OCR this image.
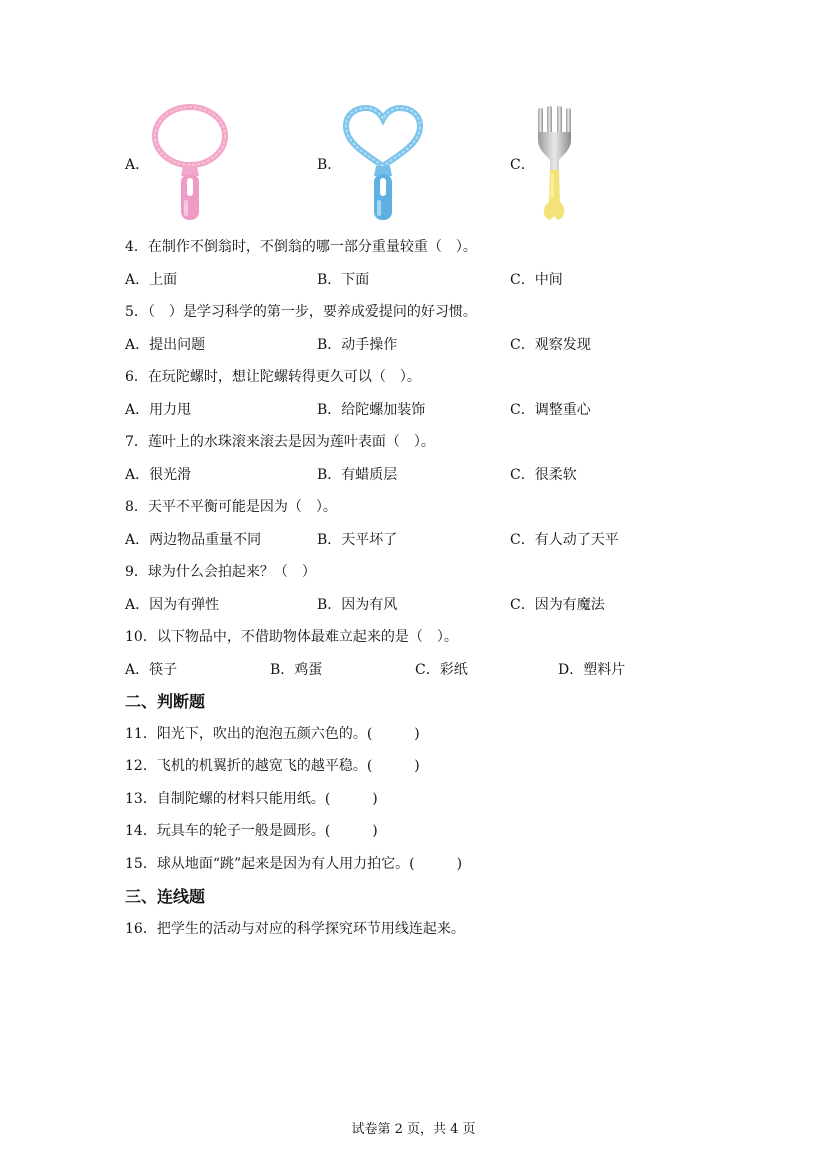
A．	B．	C．
4．在制作不倒翁时，不倒翁的哪一部分重量较重（　）。
A．上面	B．下面	C．中间
5．（　）是学习科学的第一步，要养成爱提问的好习惯。
A．提出问题	B．动手操作	C．观察发现
6．在玩陀螺时，想让陀螺转得更久可以（　）。
A．用力甩	B．给陀螺加装饰	C．调整重心
7．莲叶上的水珠滚来滚去是因为莲叶表面（　）。
A．很光滑	B．有蜡质层	C．很柔软
8．天平不平衡可能是因为（　）。
A．两边物品重量不同	B．天平坏了	C．有人动了天平
9．球为什么会拍起来？（　）
A．因为有弹性	B．因为有风	C．因为有魔法
10．以下物品中，不借助物体最难立起来的是（　）。
A．筷子	B．鸡蛋	C．彩纸	D．塑料片
二、判断题
11．阳光下，吹出的泡泡五颜六色的。(　　　)
12．飞机的机翼折的越宽飞的越平稳。(　　　)
13．自制陀螺的材料只能用纸。(　　　)
14．玩具车的轮子一般是圆形。(　　　)
15．球从地面“跳”起来是因为有人用力拍它。(　　　)
三、连线题
16．把学生的活动与对应的科学探究环节用线连起来。
试卷第 2 页，共 4 页
